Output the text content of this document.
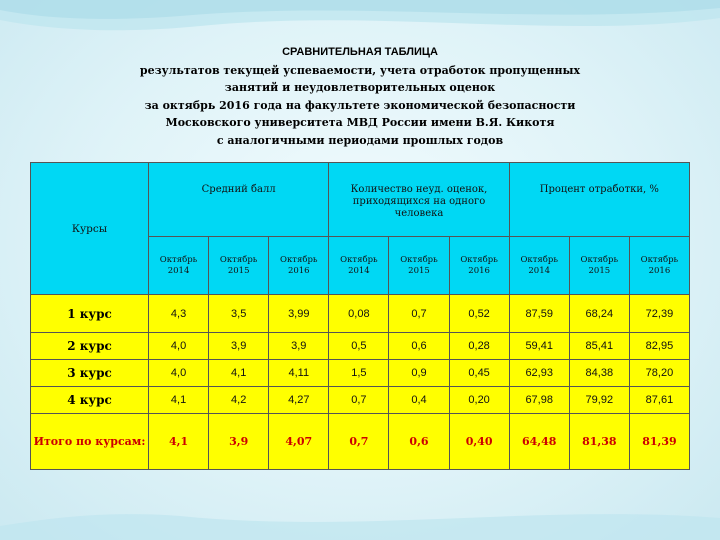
СРАВНИТЕЛЬНАЯ ТАБЛИЦА
результатов текущей успеваемости, учета отработок пропущенных
занятий и неудовлетворительных оценок
за октябрь 2016 года на факультете экономической безопасности
Московского университета МВД России имени В.Я. Кикотя
с аналогичными периодами прошлых годов
Курсы	Средний балл			Количество неуд. оценок, приходящихся на одного человека			Процент отработки, %		
	Октябрь 2014	Октябрь 2015	Октябрь 2016	Октябрь 2014	Октябрь 2015	Октябрь 2016	Октябрь 2014	Октябрь 2015	Октябрь 2016
1 курс	4,3	3,5	3,99	0,08	0,7	0,52	87,59	68,24	72,39
2 курс	4,0	3,9	3,9	0,5	0,6	0,28	59,41	85,41	82,95
3 курс	4,0	4,1	4,11	1,5	0,9	0,45	62,93	84,38	78,20
4 курс	4,1	4,2	4,27	0,7	0,4	0,20	67,98	79,92	87,61
Итого по курсам:	4,1	3,9	4,07	0,7	0,6	0,40	64,48	81,38	81,39
